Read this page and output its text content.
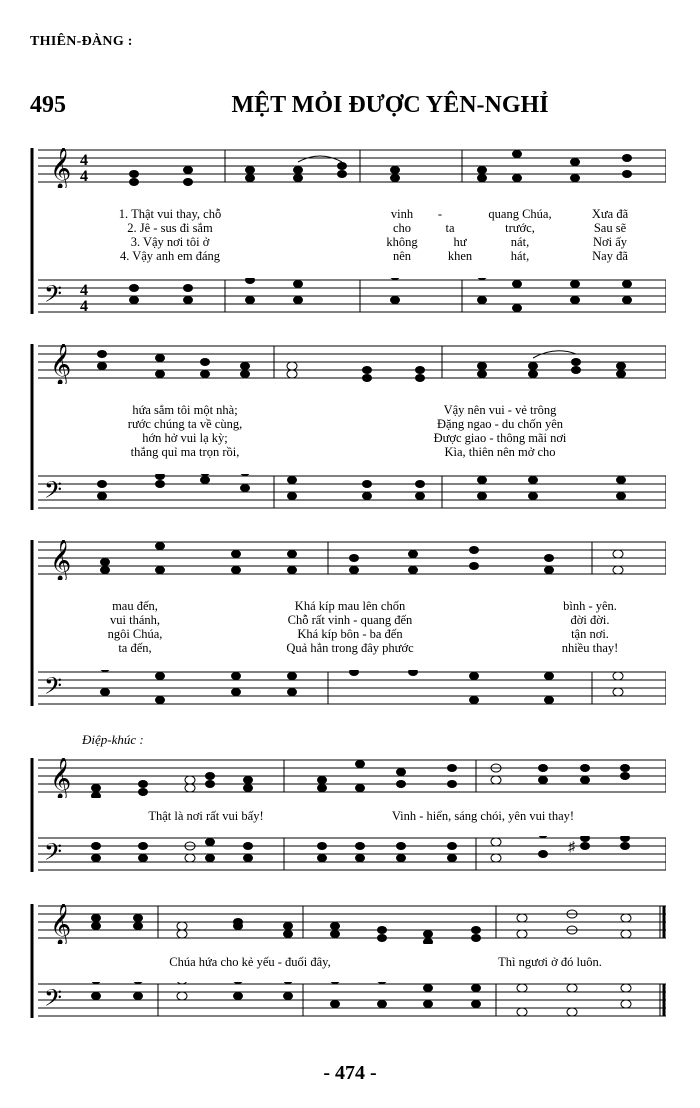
THIÊN-ĐÀNG :
495	MỆT MỎI ĐƯỢC YÊN-NGHỈ
𝄞 4
4
1. Thật vui thay, chỗ	vinh -	quang Chúa,	Xưa đã
2. Jê - sus đi sắm	cho	ta	trước,	Sau sẽ
3. Vậy nơi tôi ở	không	hư	nát,	Nơi ấy
4. Vậy anh em đáng	nên	khen	hát,	Nay đã
𝄢 4
4
𝄞
hứa sắm tôi một nhà;	Vậy nên vui - vẻ trông
rước chúng ta về cùng,	Đặng ngao - du chốn yên
hớn hở vui lạ kỳ;	Được giao - thông mãi nơi
thắng quỉ ma trọn rồi,	Kìa, thiên nên mở cho
𝄢
𝄞
mau đến,	Khá kíp mau lên chốn	bình - yên.
vui thánh,	Chỗ rất vinh - quang đến	đời đời.
ngôi Chúa,	Khá kíp bôn - ba đến	tận nơi.
ta đến,	Quả hẳn trong đây phước	nhiều thay!
𝄢
Điệp-khúc :
𝄞
Thật là nơi rất vui bấy!	Vinh - hiển, sáng chói, yên vui thay!
𝄢	♯
𝄞
Chúa hứa cho kẻ yếu - đuối đây,	Thì ngươi ở đó luôn.
𝄢
- 474 -
